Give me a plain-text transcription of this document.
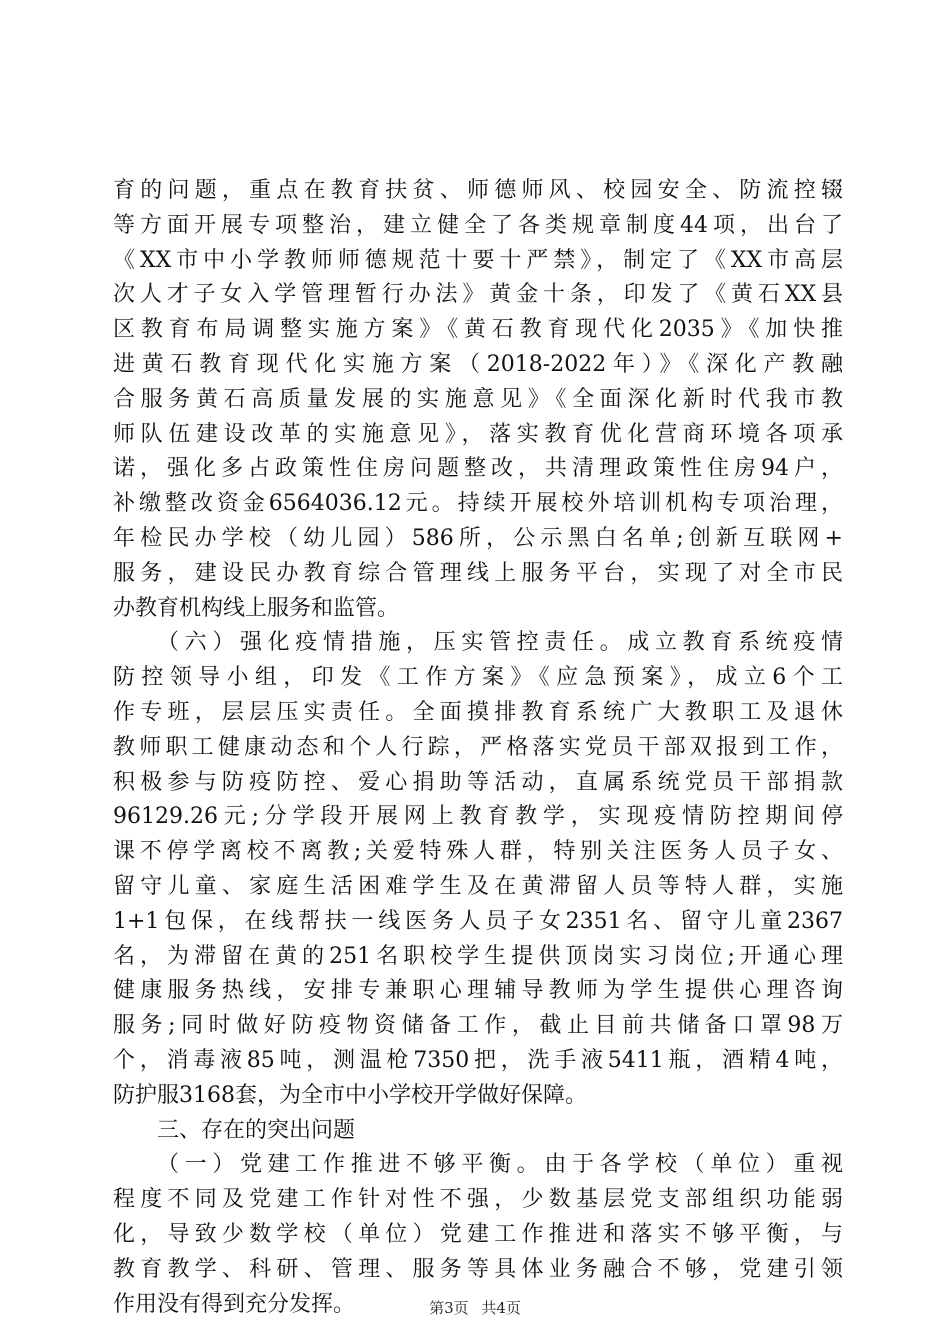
育的问题，重点在教育扶贫、师德师风、校园安全、防流控辍
等方面开展专项整治，建立健全了各类规章制度44项，出台了
《XX市中小学教师师德规范十要十严禁》，制定了《XX市高层
次人才子女入学管理暂行办法》黄金十条，印发了《黄石XX县
区教育布局调整实施方案》《黄石教育现代化2035》《加快推
进黄石教育现代化实施方案（2018-2022年）》《深化产教融
合服务黄石高质量发展的实施意见》《全面深化新时代我市教
师队伍建设改革的实施意见》，落实教育优化营商环境各项承
诺，强化多占政策性住房问题整改，共清理政策性住房94户，
补缴整改资金6564036.12元。持续开展校外培训机构专项治理，
年检民办学校（幼儿园）586所，公示黑白名单;创新互联网+
服务，建设民办教育综合管理线上服务平台，实现了对全市民
办教育机构线上服务和监管。
（六）强化疫情措施，压实管控责任。成立教育系统疫情
防控领导小组，印发《工作方案》《应急预案》，成立6个工
作专班，层层压实责任。全面摸排教育系统广大教职工及退休
教师职工健康动态和个人行踪，严格落实党员干部双报到工作，
积极参与防疫防控、爱心捐助等活动，直属系统党员干部捐款
96129.26元;分学段开展网上教育教学，实现疫情防控期间停
课不停学离校不离教;关爱特殊人群，特别关注医务人员子女、
留守儿童、家庭生活困难学生及在黄滞留人员等特人群，实施
1+1包保，在线帮扶一线医务人员子女2351名、留守儿童2367
名，为滞留在黄的251名职校学生提供顶岗实习岗位;开通心理
健康服务热线，安排专兼职心理辅导教师为学生提供心理咨询
服务;同时做好防疫物资储备工作，截止目前共储备口罩98万
个，消毒液85吨，测温枪7350把，洗手液5411瓶，酒精4吨，
防护服3168套，为全市中小学校开学做好保障。
三、存在的突出问题
（一）党建工作推进不够平衡。由于各学校（单位）重视
程度不同及党建工作针对性不强，少数基层党支部组织功能弱
化，导致少数学校（单位）党建工作推进和落实不够平衡，与
教育教学、科研、管理、服务等具体业务融合不够，党建引领
作用没有得到充分发挥。	第3页 共4页
